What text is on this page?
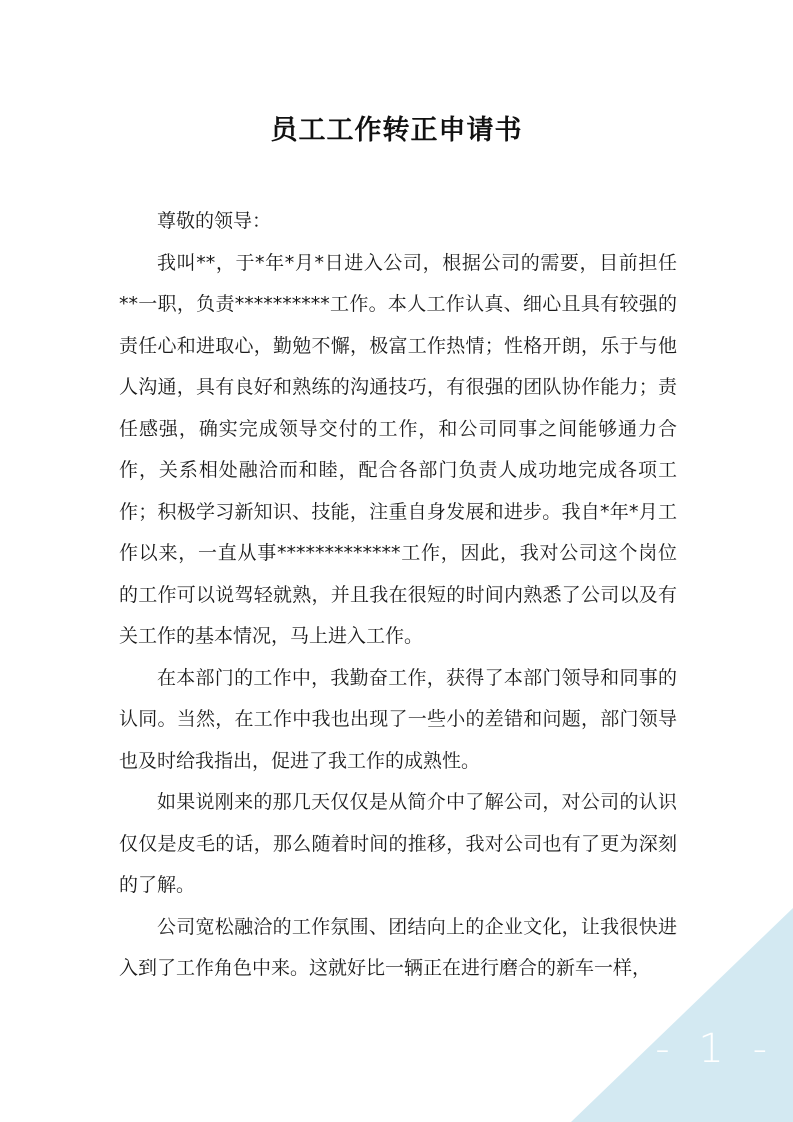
员工工作转正申请书

尊敬的领导：

我叫**，于*年*月*日进入公司，根据公司的需要，目前担任**一职，负责**********工作。本人工作认真、细心且具有较强的责任心和进取心，勤勉不懈，极富工作热情；性格开朗，乐于与他人沟通，具有良好和熟练的沟通技巧，有很强的团队协作能力；责任感强，确实完成领导交付的工作，和公司同事之间能够通力合作，关系相处融洽而和睦，配合各部门负责人成功地完成各项工作；积极学习新知识、技能，注重自身发展和进步。我自*年*月工作以来，一直从事*************工作，因此，我对公司这个岗位的工作可以说驾轻就熟，并且我在很短的时间内熟悉了公司以及有关工作的基本情况，马上进入工作。

在本部门的工作中，我勤奋工作，获得了本部门领导和同事的认同。当然，在工作中我也出现了一些小的差错和问题，部门领导也及时给我指出，促进了我工作的成熟性。

如果说刚来的那几天仅仅是从简介中了解公司，对公司的认识仅仅是皮毛的话，那么随着时间的推移，我对公司也有了更为深刻的了解。

公司宽松融洽的工作氛围、团结向上的企业文化，让我很快进入到了工作角色中来。这就好比一辆正在进行磨合的新车一样，

- 1 -
